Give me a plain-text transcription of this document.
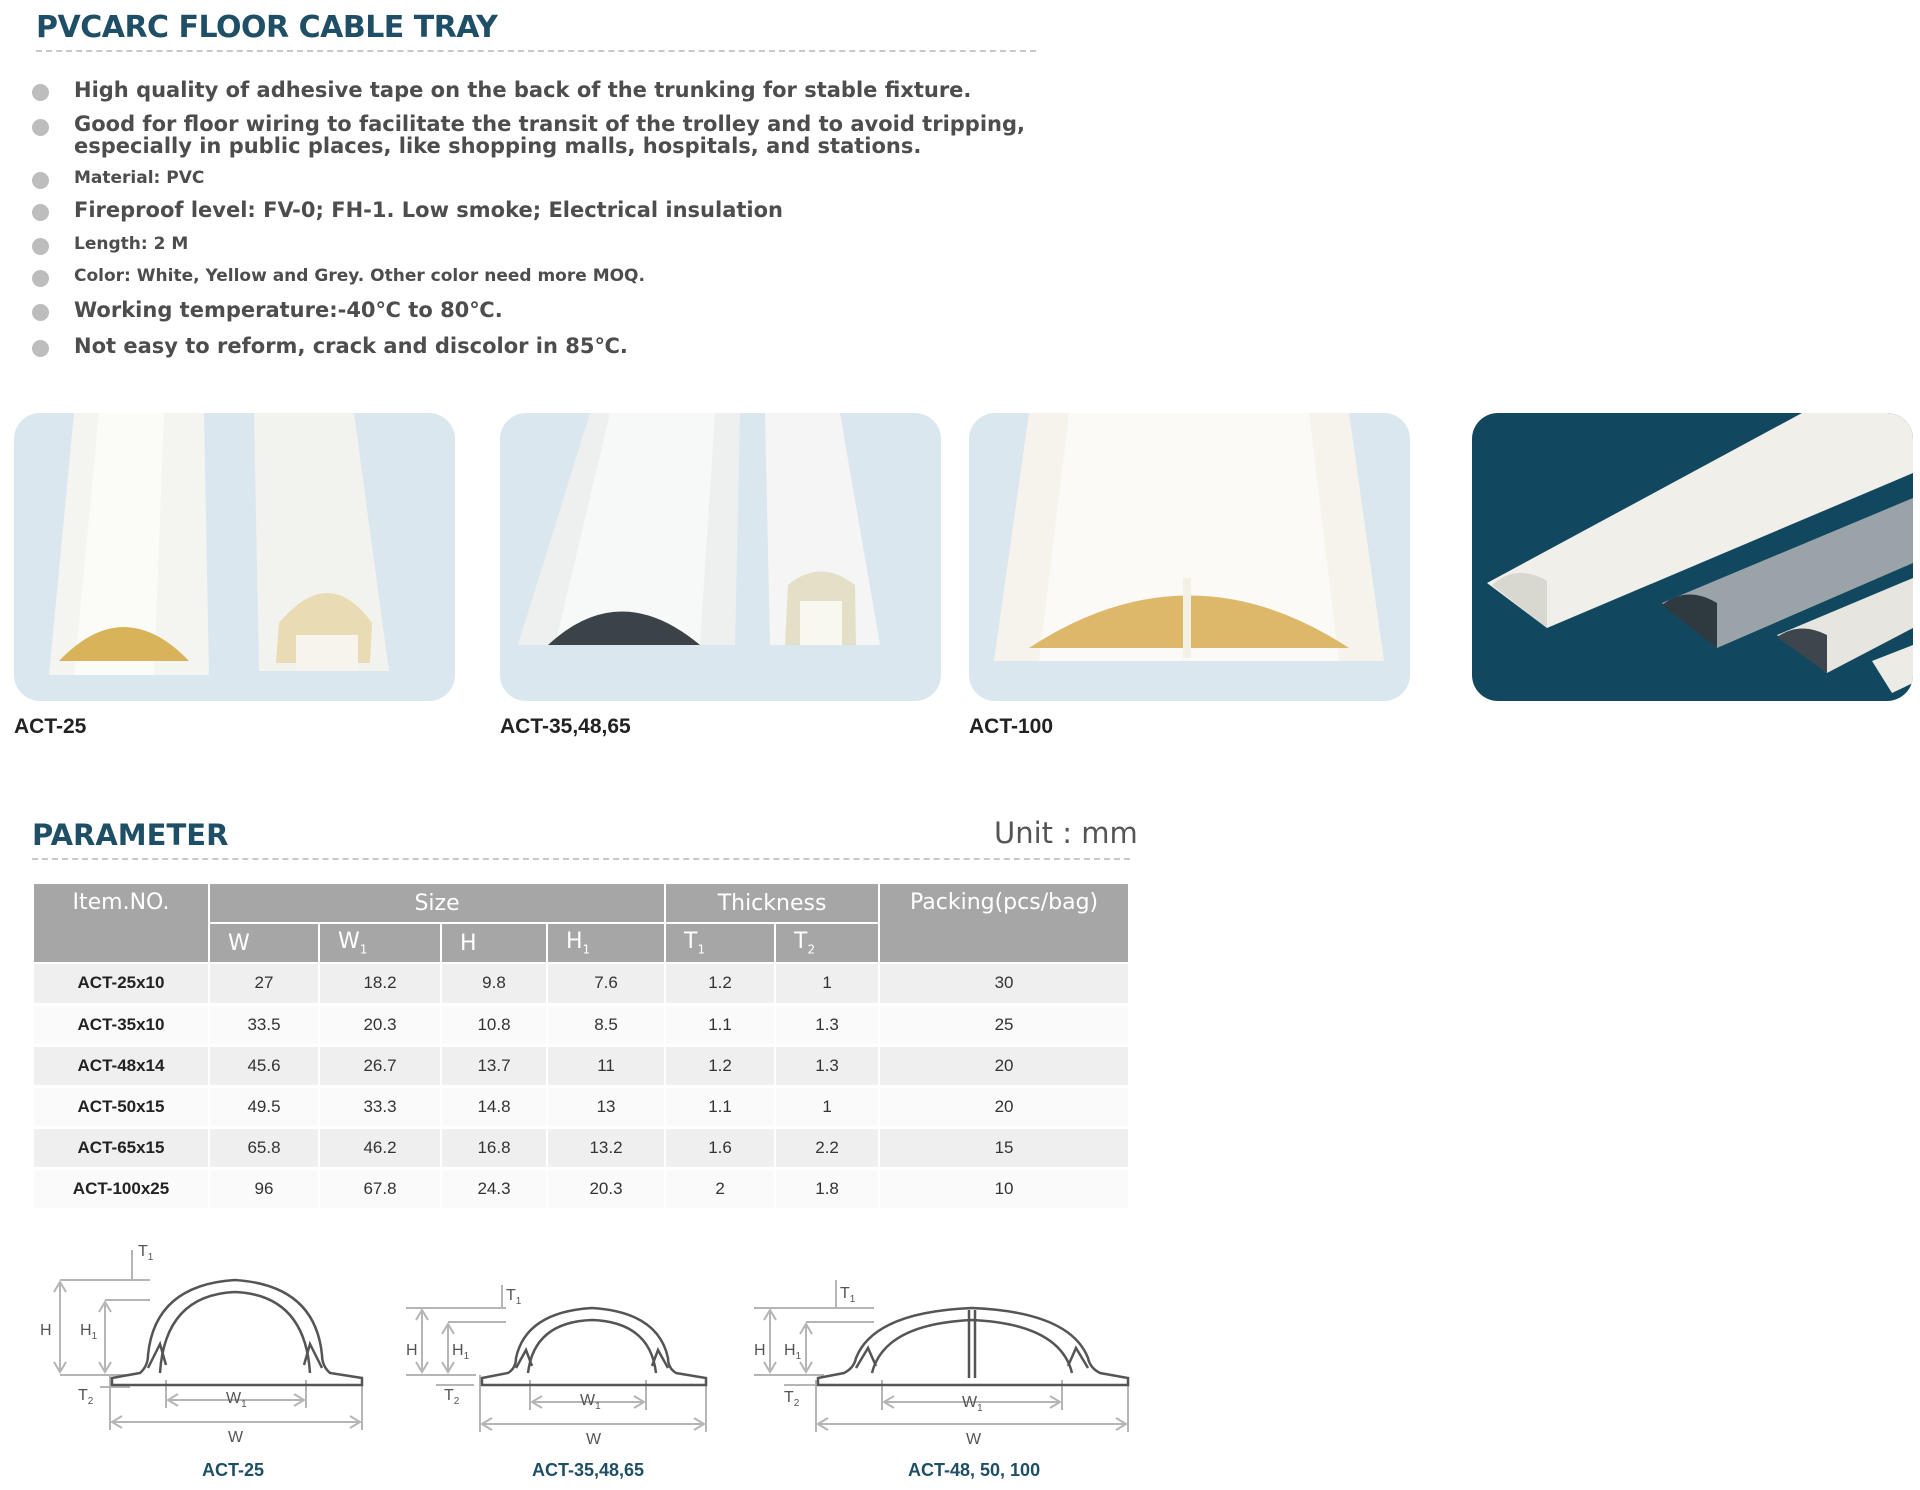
PVCARC FLOOR CABLE TRAY
High quality of adhesive tape on the back of the trunking for stable fixture.
Good for floor wiring to facilitate the transit of the trolley and to avoid tripping, especially in public places, like shopping malls, hospitals, and stations.
Material: PVC
Fireproof level: FV-0; FH-1. Low smoke; Electrical insulation
Length: 2 M
Color: White, Yellow and Grey. Other color need more MOQ.
Working temperature:-40℃ to 80℃.
Not easy to reform, crack and discolor in 85℃.
ACT-25	ACT-35,48,65	ACT-100
PARAMETER	Unit : mm
Item.NO.	Size				Thickness		Packing(pcs/bag)
	W	$W_1$	H	$H_1$	$T_1$	$T_2$
ACT-25x10	27	18.2	9.8	7.6	1.2	1	30
ACT-35x10	33.5	20.3	10.8	8.5	1.1	1.3	25
ACT-48x14	45.6	26.7	13.7	11	1.2	1.3	20
ACT-50x15	49.5	33.3	14.8	13	1.1	1	20
ACT-65x15	65.8	46.2	16.8	13.2	1.6	2.2	15
ACT-100x25	96	67.8	24.3	20.3	2	1.8	10
H $H_1$
$T_1$
$T_2$	$W_1$
W
H $H_1$
$T_1$
$T_2$	$W_1$
W
H $H_1$
$T_1$
$T_2$	$W_1$
W
ACT-25	ACT-35,48,65	ACT-48, 50, 100
